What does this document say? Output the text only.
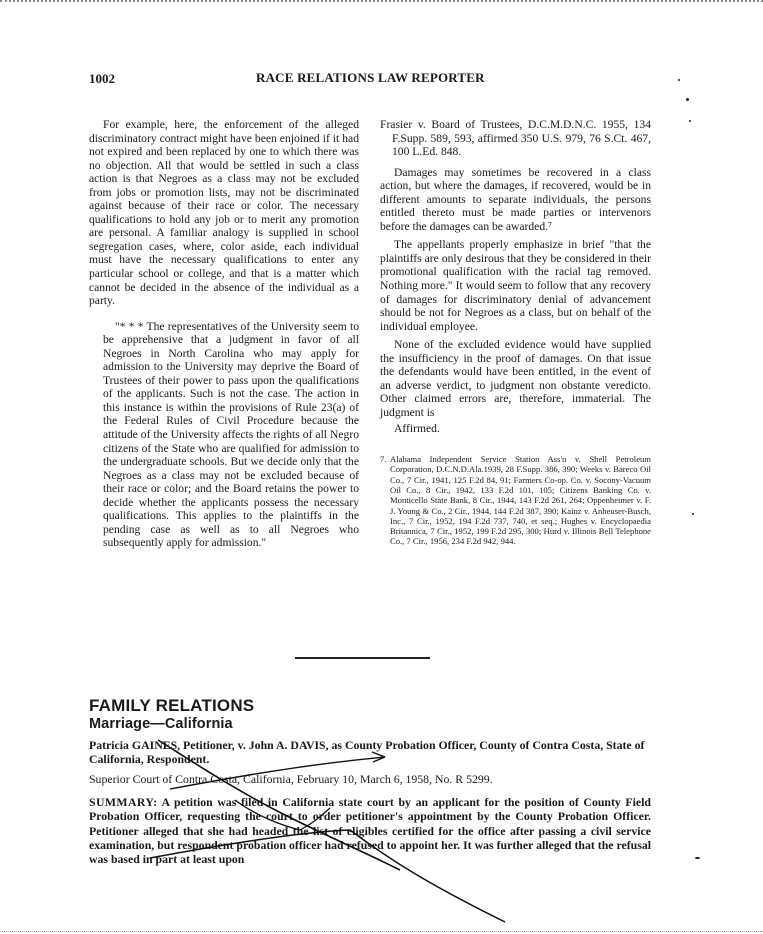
1002	RACE RELATIONS LAW REPORTER

For example, here, the enforcement of the alleged discriminatory contract might have been enjoined if it had not expired and been replaced by one to which there was no objection. All that would be settled in such a class action is that Negroes as a class may not be excluded from jobs or promotion lists, may not be discriminated against because of their race or color. The necessary qualifications to hold any job or to merit any promotion are personal. A familiar analogy is supplied in school segregation cases, where, color aside, each individual must have the necessary qualifications to enter any particular school or college, and that is a matter which cannot be decided in the absence of the individual as a party.

"* * * The representatives of the University seem to be apprehensive that a judgment in favor of all Negroes in North Carolina who may apply for admission to the University may deprive the Board of Trustees of their power to pass upon the qualifications of the applicants. Such is not the case. The action in this instance is within the provisions of Rule 23(a) of the Federal Rules of Civil Procedure because the attitude of the University affects the rights of all Negro citizens of the State who are qualified for admission to the undergraduate schools. But we decide only that the Negroes as a class may not be excluded because of their race or color; and the Board retains the power to decide whether the applicants possess the necessary qualifications. This applies to the plaintiffs in the pending case as well as to all Negroes who subsequently apply for admission."

Frasier v. Board of Trustees, D.C.M.D.N.C. 1955, 134 F.Supp. 589, 593, affirmed 350 U.S. 979, 76 S.Ct. 467, 100 L.Ed. 848.

Damages may sometimes be recovered in a class action, but where the damages, if recovered, would be in different amounts to separate individuals, the persons entitled thereto must be made parties or intervenors before the damages can be awarded.⁷

The appellants properly emphasize in brief "that the plaintiffs are only desirous that they be considered in their promotional qualification with the racial tag removed. Nothing more." It would seem to follow that any recovery of damages for discriminatory denial of advancement should be not for Negroes as a class, but on behalf of the individual employee.

None of the excluded evidence would have supplied the insufficiency in the proof of damages. On that issue the defendants would have been entitled, in the event of an adverse verdict, to judgment non obstante veredicto. Other claimed errors are, therefore, immaterial. The judgment is

Affirmed.

7. Alabama Independent Service Station Ass'n v. Shell Petroleum Corporation, D.C.N.D.Ala.1939, 28 F.Supp. 386, 390; Weeks v. Bareco Oil Co., 7 Cir., 1941, 125 F.2d 84, 91; Farmers Co-op. Co. v. Socony-Vacuum Oil Co., 8 Cir., 1942, 133 F.2d 101, 105; Citizens Banking Co. v. Monticello State Bank, 8 Cir., 1944, 143 F.2d 261, 264; Oppenheimer v. F. J. Young & Co., 2 Cir., 1944, 144 F.2d 387, 390; Kainz v. Anheuser-Busch, Inc., 7 Cir., 1952, 194 F.2d 737, 740, et seq.; Hughes v. Encyclopaedia Britannica, 7 Cir., 1952, 199 F.2d 295, 300; Hurd v. Illinois Bell Telephone Co., 7 Cir., 1956, 234 F.2d 942, 944.

FAMILY RELATIONS
Marriage—California
Patricia GAINES, Petitioner, v. John A. DAVIS, as County Probation Officer, County of Contra Costa, State of California, Respondent.
Superior Court of Contra Costa, California, February 10, March 6, 1958, No. R 5299.
SUMMARY: A petition was filed in California state court by an applicant for the position of County Field Probation Officer, requesting the court to order petitioner's appointment by the County Probation Officer. Petitioner alleged that she had headed the list of eligibles certified for the office after passing a civil service examination, but respondent probation officer had refused to appoint her. It was further alleged that the refusal was based in part at least upon
